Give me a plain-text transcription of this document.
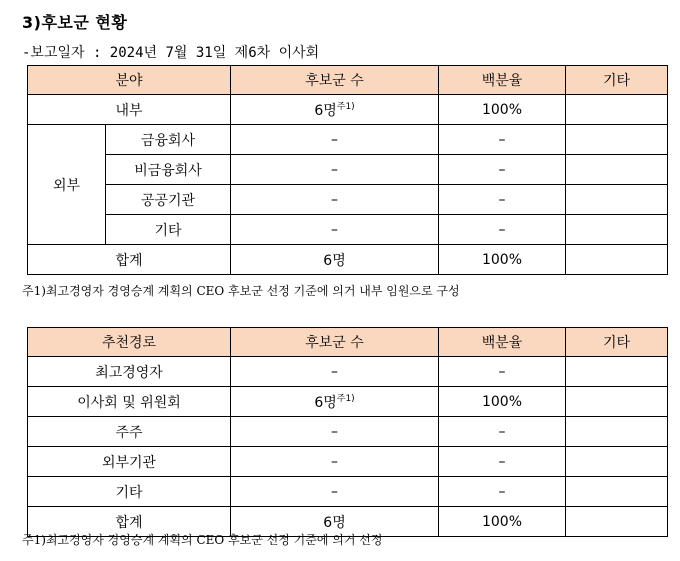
3)후보군 현황
-보고일자 : 2024년 7월 31일 제6차 이사회
분야		후보군 수	백분율	기타
내부		6명$^{주1)}$	100%	
외부	금융회사	–	–	
	비금융회사	–	–	
	공공기관	–	–	
	기타	–	–	
합계		6명	100%	
주1)최고경영자 경영승계 계획의 CEO 후보군 선정 기준에 의거 내부 임원으로 구성
추천경로	후보군 수	백분율	기타
최고경영자	–	–	
이사회 및 위원회	6명$^{주1)}$	100%	
주주	–	–	
외부기관	–	–	
기타	–	–	
합계	6명	100%	
주1)최고경영자 경영승계 계획의 CEO 후보군 선정 기준에 의거 선정
